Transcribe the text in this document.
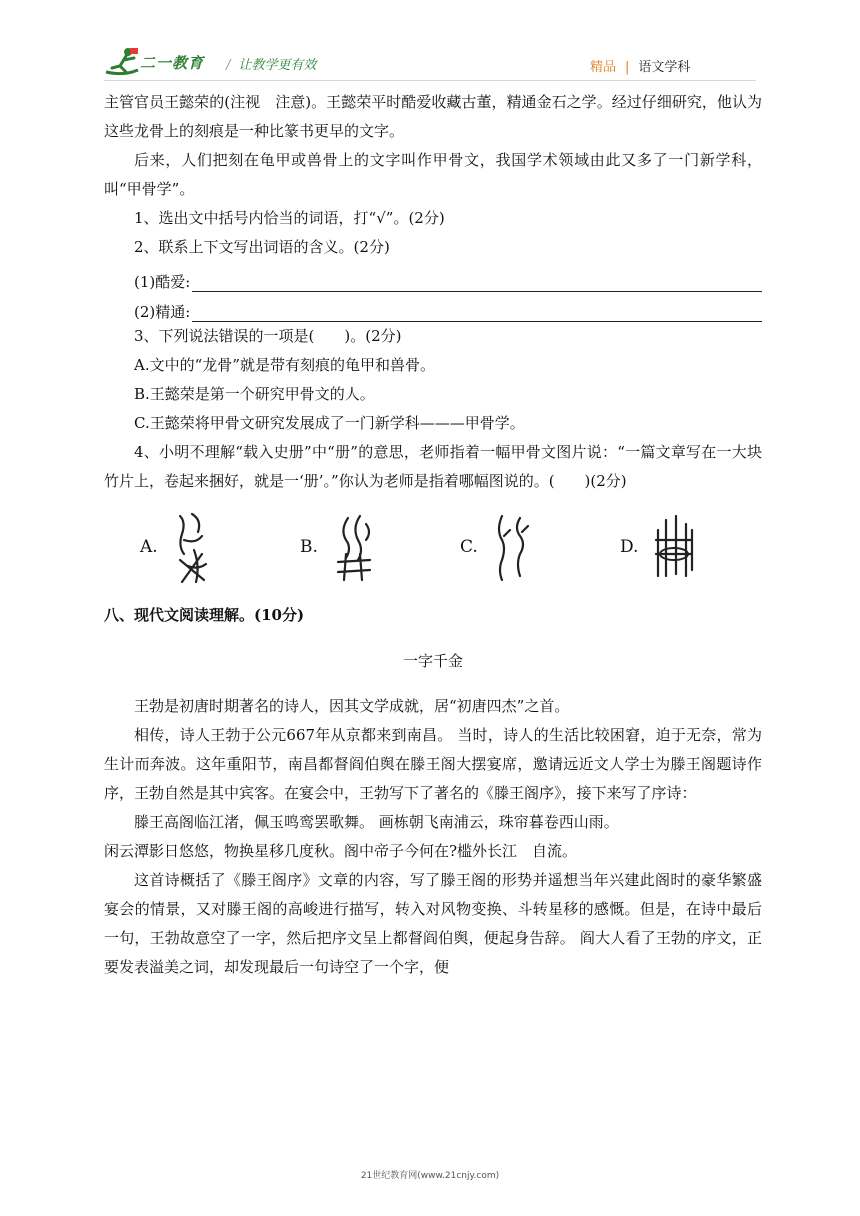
二一教育 / 让教学更有效	精品 | 语文学科

主管官员王懿荣的(注视　注意)。王懿荣平时酷爱收藏古董，精通金石之学。经过仔细研究，他认为这些龙骨上的刻痕是一种比篆书更早的文字。

后来，人们把刻在龟甲或兽骨上的文字叫作甲骨文，我国学术领域由此又多了一门新学科，叫“甲骨学”。

1、选出文中括号内恰当的词语，打“√”。(2分)

2、联系上下文写出词语的含义。(2分)

(1)酷爱:
(2)精通:

3、下列说法错误的一项是(　　)。(2分)

A.文中的“龙骨”就是带有刻痕的龟甲和兽骨。

B.王懿荣是第一个研究甲骨文的人。

C.王懿荣将甲骨文研究发展成了一门新学科———甲骨学。

4、小明不理解“载入史册”中“册”的意思，老师指着一幅甲骨文图片说：“一篇文章写在一大块竹片上，卷起来捆好，就是一‘册’。”你认为老师是指着哪幅图说的。(　　)(2分)

A.	B.	C.	D.

八、现代文阅读理解。(10分)

一字千金

王勃是初唐时期著名的诗人，因其文学成就，居“初唐四杰”之首。

相传，诗人王勃于公元667年从京都来到南昌。 当时，诗人的生活比较困窘，迫于无奈，常为生计而奔波。这年重阳节，南昌都督阎伯舆在滕王阁大摆宴席，邀请远近文人学士为滕王阁题诗作序，王勃自然是其中宾客。在宴会中，王勃写下了著名的《滕王阁序》，接下来写了序诗：

滕王高阁临江渚，佩玉鸣鸾罢歌舞。 画栋朝飞南浦云，珠帘暮卷西山雨。

闲云潭影日悠悠，物换星移几度秋。阁中帝子今何在?槛外长江　自流。

这首诗概括了《滕王阁序》文章的内容，写了滕王阁的形势并遥想当年兴建此阁时的豪华繁盛宴会的情景，又对滕王阁的高峻进行描写，转入对风物变换、斗转星移的感慨。但是，在诗中最后一句，王勃故意空了一字，然后把序文呈上都督阎伯舆，便起身告辞。 阎大人看了王勃的序文，正要发表溢美之词，却发现最后一句诗空了一个字，便

21世纪教育网(www.21cnjy.com)
